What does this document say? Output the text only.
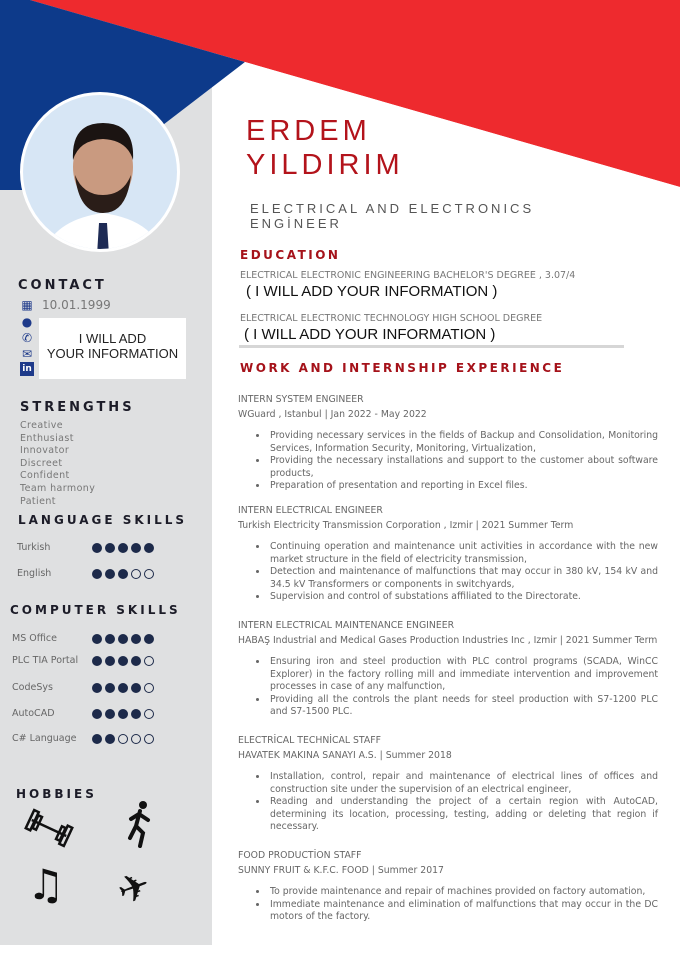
CONTACT
▦ 10.01.1999
●
✆
✉
in
I WILL ADD
YOUR INFORMATION
STRENGTHS
Creative
Enthusiast
Innovator
Discreet
Confident
Team harmony
Patient
LANGUAGE SKILLS
Turkish
English
COMPUTER SKILLS
MS Office
PLC TIA Portal
CodeSys
AutoCAD
C# Language
HOBBIES
♫ ✈
ERDEM
YILDIRIM
ELECTRICAL AND ELECTRONICS
ENGİNEER
EDUCATION
ELECTRICAL ELECTRONIC ENGINEERING BACHELOR'S DEGREE , 3.07/4
( I WILL ADD YOUR INFORMATION )
ELECTRICAL ELECTRONIC TECHNOLOGY HIGH SCHOOL DEGREE
( I WILL ADD YOUR INFORMATION )
WORK AND INTERNSHIP EXPERIENCE
INTERN SYSTEM ENGINEER
WGuard , Istanbul | Jan 2022 - May 2022
• Providing necessary services in the fields of Backup and Consolidation, Monitoring Services, Information Security, Monitoring, Virtualization,
• Providing the necessary installations and support to the customer about software products,
• Preparation of presentation and reporting in Excel files.
INTERN ELECTRICAL ENGINEER
Turkish Electricity Transmission Corporation , Izmir | 2021 Summer Term
• Continuing operation and maintenance unit activities in accordance with the new market structure in the field of electricity transmission,
• Detection and maintenance of malfunctions that may occur in 380 kV, 154 kV and 34.5 kV Transformers or components in switchyards,
• Supervision and control of substations affiliated to the Directorate.
INTERN ELECTRICAL MAINTENANCE ENGINEER
HABAŞ Industrial and Medical Gases Production Industries Inc , Izmir | 2021 Summer Term
• Ensuring iron and steel production with PLC control programs (SCADA, WinCC Explorer) in the factory rolling mill and immediate intervention and improvement processes in case of any malfunction,
• Providing all the controls the plant needs for steel production with S7-1200 PLC and S7-1500 PLC.
ELECTRİCAL TECHNİCAL STAFF
HAVATEK MAKINA SANAYI A.S. | Summer 2018
• Installation, control, repair and maintenance of electrical lines of offices and construction site under the supervision of an electrical engineer,
• Reading and understanding the project of a certain region with AutoCAD, determining its location, processing, testing, adding or deleting that region if necessary.
FOOD PRODUCTİON STAFF
SUNNY FRUIT & K.F.C. FOOD | Summer 2017
• To provide maintenance and repair of machines provided on factory automation,
• Immediate maintenance and elimination of malfunctions that may occur in the DC motors of the factory.
